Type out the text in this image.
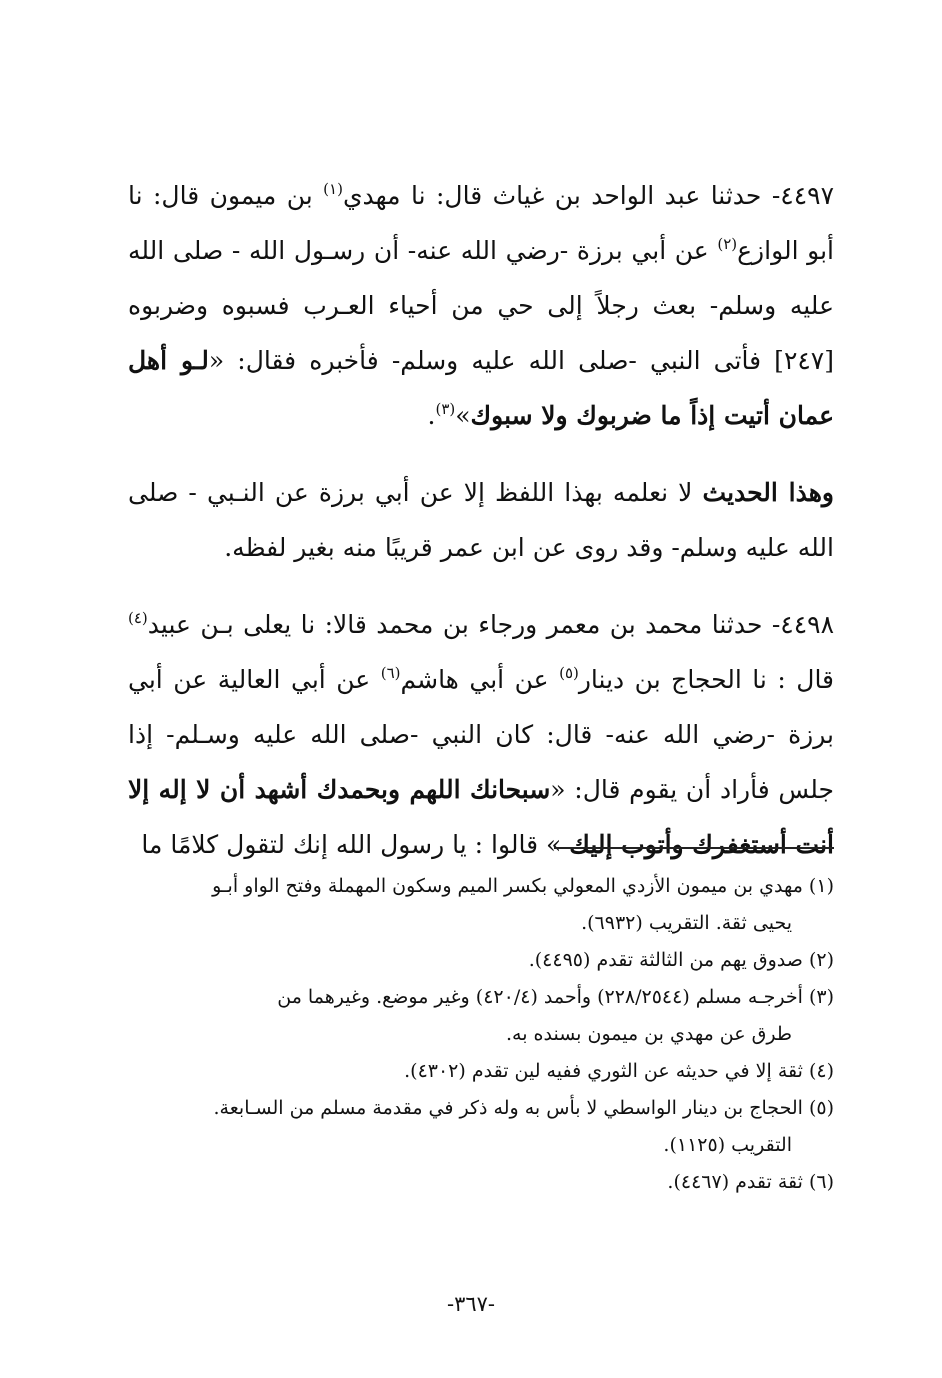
٤٤٩٧- حدثنا عبد الواحد بن غياث قال: نا مهدي$^{(١)}$ بن ميمون قال: نا أبو الوازع$^{(٢)}$ عن أبي برزة -رضي الله عنه- أن رسـول الله - صلى الله عليه وسلم- بعث رجلاً إلى حي من أحياء العـرب فسبوه وضربوه [٢٤٧] فأتى النبي -صلى الله عليه وسلم- فأخبره فقال: «لـو أهل عمان أتيت إذاً ما ضربوك ولا سبوك»$^{(٣)}$.

وهذا الحديث لا نعلمه بهذا اللفظ إلا عن أبي برزة عن النـبي - صلى الله عليه وسلم- وقد روى عن ابن عمر قريبًا منه بغير لفظه.

٤٤٩٨- حدثنا محمد بن معمر ورجاء بن محمد قالا: نا يعلى بـن عبيد$^{(٤)}$ قال : نا الحجاج بن دينار$^{(٥)}$ عن أبي هاشم$^{(٦)}$ عن أبي العالية عن أبي برزة -رضي الله عنه- قال: كان النبي -صلى الله عليه وسـلم- إذا جلس فأراد أن يقوم قال: «سبحانك اللهم وبحمدك أشهد أن لا إله إلا أنت أستغفرك وأتوب إليك » قالوا : يا رسول الله إنك لتقول كلامًا ما

(١) مهدي بن ميمون الأزدي المعولي بكسر الميم وسكون المهملة وفتح الواو أبـو
يحيى ثقة. التقريب (٦٩٣٢).

(٢) صدوق يهم من الثالثة تقدم (٤٤٩٥).

(٣) أخرجـه مسلم (٢٢٨/٢٥٤٤) وأحمد (٤٢٠/٤) وغير موضع. وغيرهما من
طرق عن مهدي بن ميمون بسنده به.

(٤) ثقة إلا في حديثه عن الثوري ففيه لين تقدم (٤٣٠٢).

(٥) الحجاج بن دينار الواسطي لا بأس به وله ذكر في مقدمة مسلم من السـابعة.
التقريب (١١٢٥).

(٦) ثقة تقدم (٤٤٦٧).

-٣٦٧-
